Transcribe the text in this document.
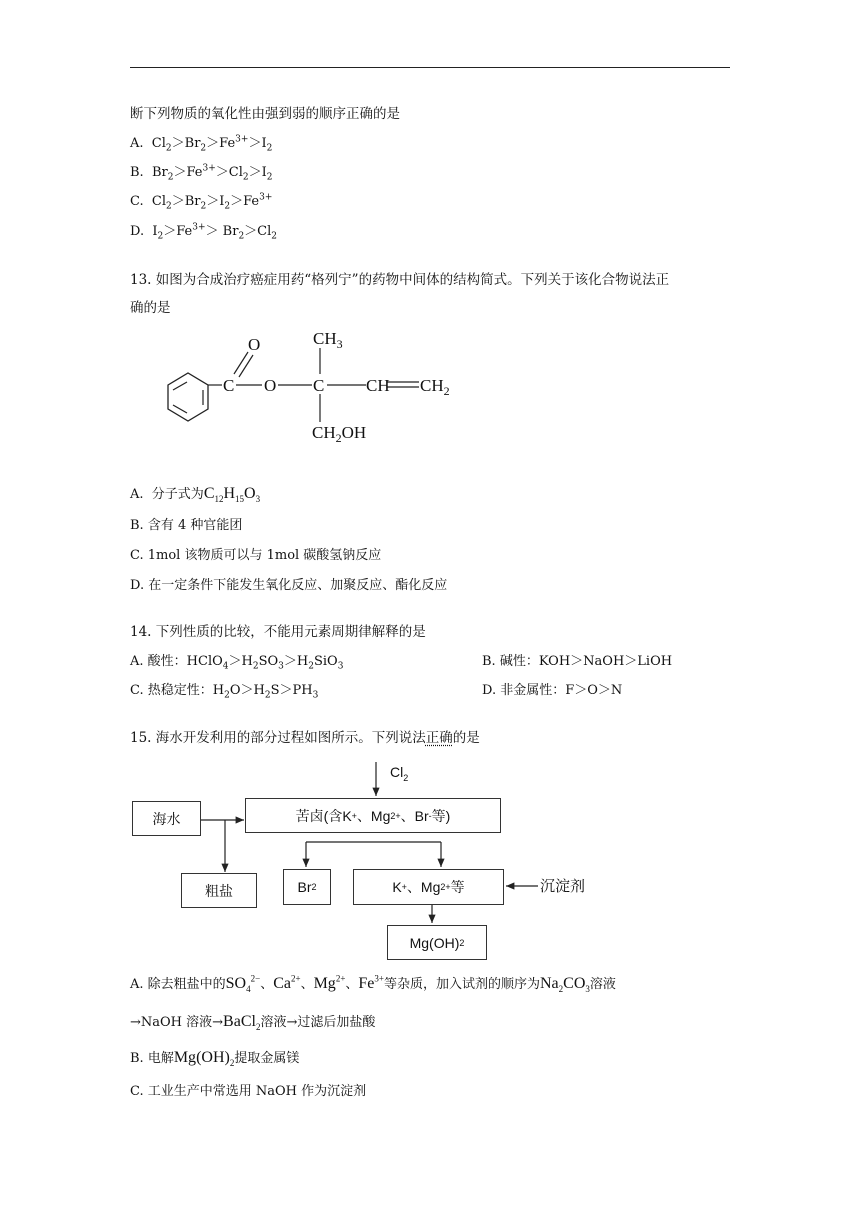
断下列物质的氧化性由强到弱的顺序正确的是
A. $Cl_2>Br_2>Fe^{3+}>I_2$
B. $Br_2>Fe^{3+}>Cl_2>I_2$
C. $Cl_2>Br_2>I_2>Fe^{3+}$
D. $I_2>Fe^{3+}> Br_2>Cl_2$
13. 如图为合成治疗癌症用药“格列宁”的药物中间体的结构简式。下列关于该化合物说法正
确的是
O
C O C
$CH_3$
CH $CH_2$
$CH_2OH$
A. 分子式为$C_{12}H_{15}O_3$
B. 含有 4 种官能团
C. 1mol 该物质可以与 1mol 碳酸氢钠反应
D. 在一定条件下能发生氧化反应、加聚反应、酯化反应
14. 下列性质的比较，不能用元素周期律解释的是
A. 酸性：$HClO_4>H_2SO_3>H_2SiO_3$	B. 碱性：KOH＞NaOH＞LiOH
C. 热稳定性：$H_2O>H_2S>PH_3$	D. 非金属性：F＞O＞N
15. 海水开发利用的部分过程如图所示。下列说法正确的是
$Cl_2$
海水	苦卤(含K + 、Mg 2+ 、Br - 等)
粗盐	Br 2	K + 、Mg 2+ 等	沉淀剂
Mg(OH) 2
A. 除去粗盐中的$SO_4^{2-}$、$Ca^{2+}$、$Mg^{2+}$、$Fe^{3+}$等杂质，加入试剂的顺序为$Na_2CO_3$溶液
→NaOH 溶液→BaCl$_2$溶液→过滤后加盐酸
B. 电解$Mg(OH)_2$提取金属镁
C. 工业生产中常选用 NaOH 作为沉淀剂
